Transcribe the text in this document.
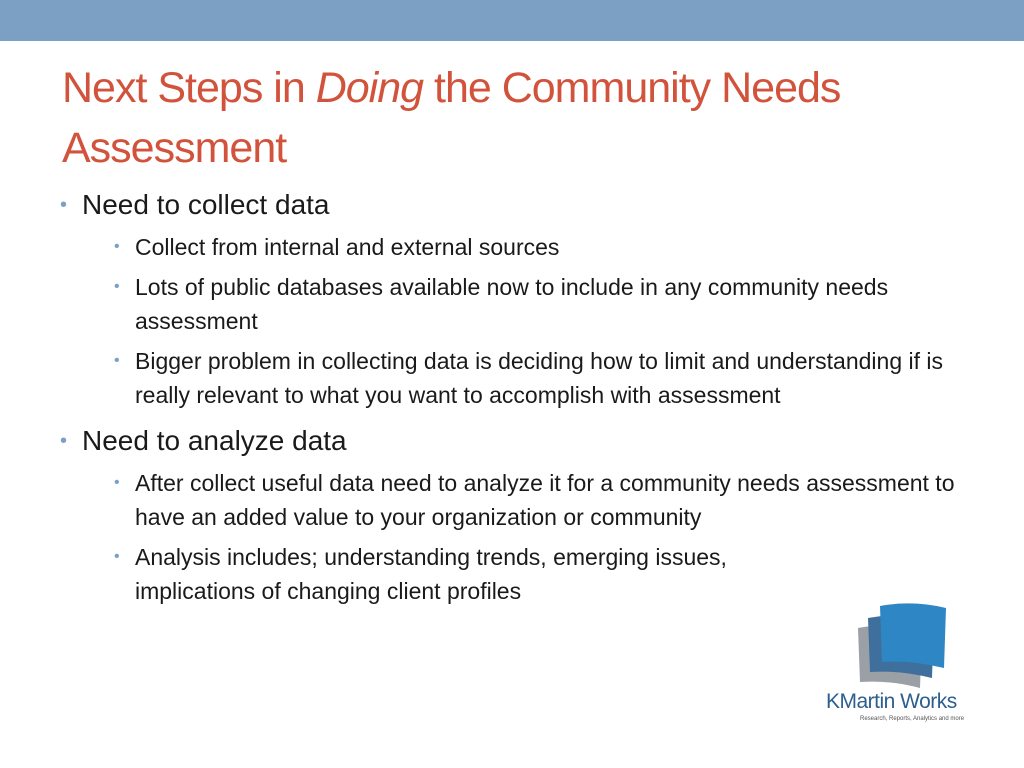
Next Steps in Doing the Community Needs Assessment
• Need to collect data
• Collect from internal and external sources
• Lots of public databases available now to include in any community needs assessment
• Bigger problem in collecting data is deciding how to limit and understanding if is really relevant to what you want to accomplish with assessment
• Need to analyze data
• After collect useful data need to analyze it for a community needs assessment to have an added value to your organization or community
• Analysis includes; understanding trends, emerging issues, implications of changing client profiles
KMartin Works
Research, Reports, Analytics and more
